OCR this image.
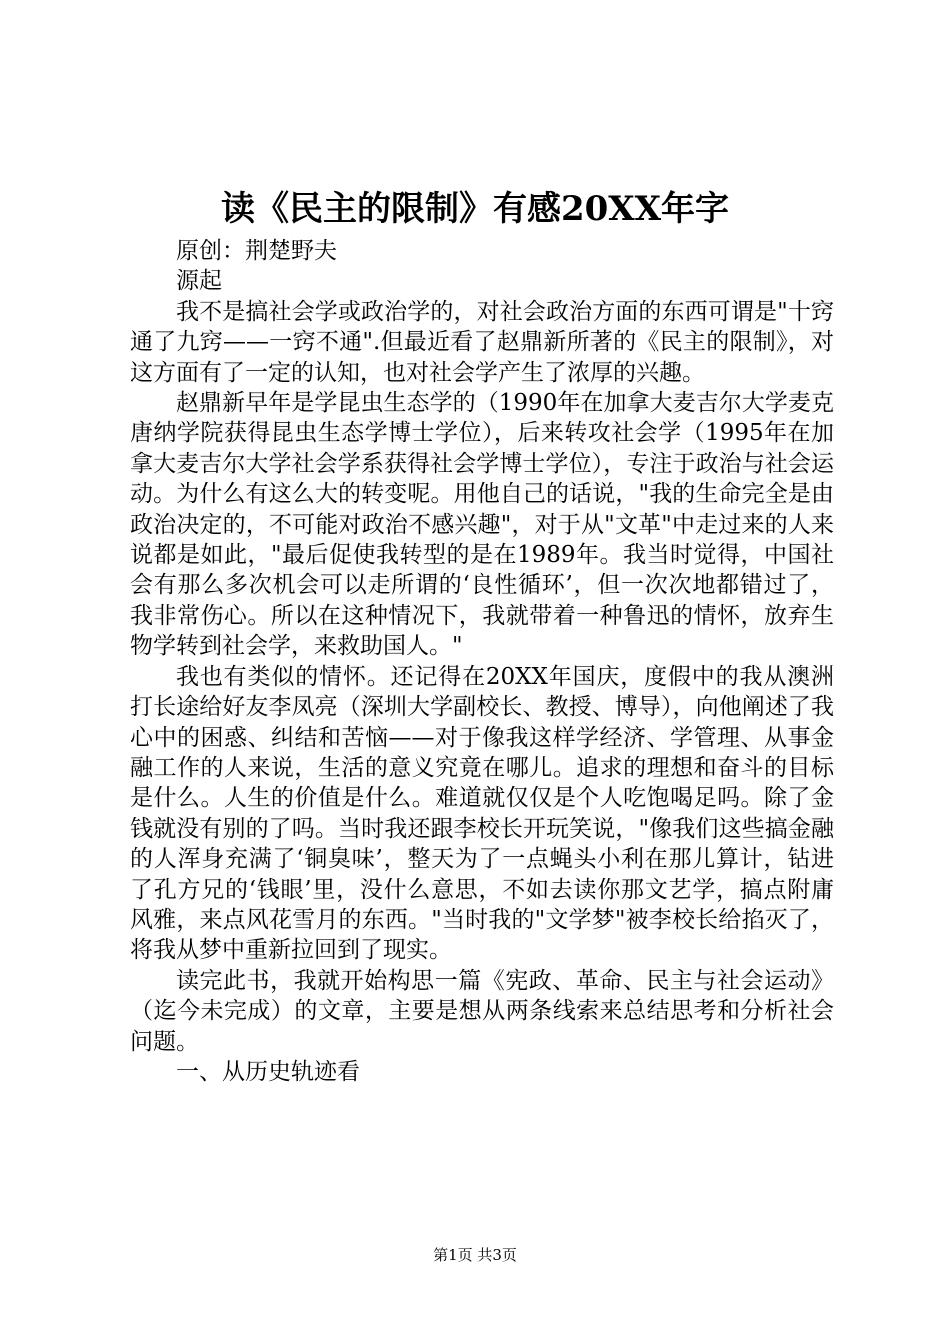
读《民主的限制》有感20XX年字

原创：荆楚野夫

源起

我不是搞社会学或政治学的，对社会政治方面的东西可谓是"十窍通了九窍——一窍不通".但最近看了赵鼎新所著的《民主的限制》，对这方面有了一定的认知，也对社会学产生了浓厚的兴趣。

赵鼎新早年是学昆虫生态学的（1990年在加拿大麦吉尔大学麦克唐纳学院获得昆虫生态学博士学位），后来转攻社会学（1995年在加拿大麦吉尔大学社会学系获得社会学博士学位），专注于政治与社会运动。为什么有这么大的转变呢。用他自己的话说，"我的生命完全是由政治决定的，不可能对政治不感兴趣"，对于从"文革"中走过来的人来说都是如此，"最后促使我转型的是在1989年。我当时觉得，中国社会有那么多次机会可以走所谓的‘良性循环’，但一次次地都错过了，我非常伤心。所以在这种情况下，我就带着一种鲁迅的情怀，放弃生物学转到社会学，来救助国人。"

我也有类似的情怀。还记得在20XX年国庆，度假中的我从澳洲打长途给好友李凤亮（深圳大学副校长、教授、博导），向他阐述了我心中的困惑、纠结和苦恼——对于像我这样学经济、学管理、从事金融工作的人来说，生活的意义究竟在哪儿。追求的理想和奋斗的目标是什么。人生的价值是什么。难道就仅仅是个人吃饱喝足吗。除了金钱就没有别的了吗。当时我还跟李校长开玩笑说，"像我们这些搞金融的人浑身充满了‘铜臭味’，整天为了一点蝇头小利在那儿算计，钻进了孔方兄的‘钱眼’里，没什么意思，不如去读你那文艺学，搞点附庸风雅，来点风花雪月的东西。"当时我的"文学梦"被李校长给掐灭了，将我从梦中重新拉回到了现实。

读完此书，我就开始构思一篇《宪政、革命、民主与社会运动》（迄今未完成）的文章，主要是想从两条线索来总结思考和分析社会问题。

一、从历史轨迹看

第1页 共3页
